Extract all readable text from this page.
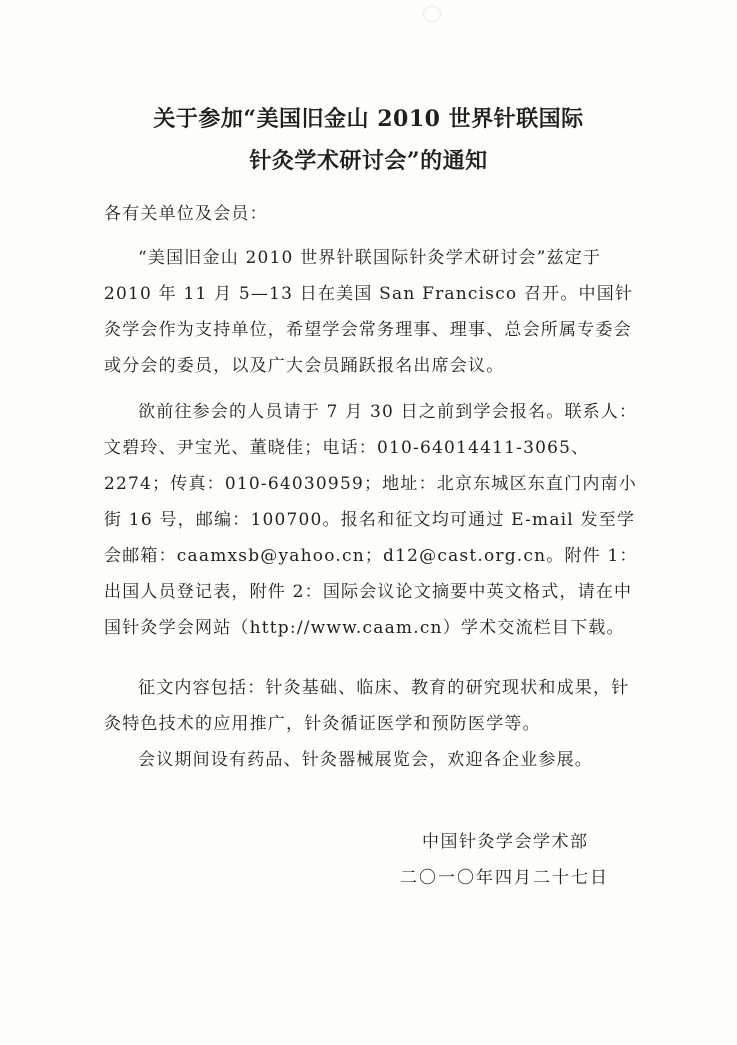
关于参加“美国旧金山 2010 世界针联国际
针灸学术研讨会”的通知
各有关单位及会员：

“美国旧金山 2010 世界针联国际针灸学术研讨会”兹定于 2010 年 11 月 5—13 日在美国 San Francisco 召开。中国针灸学会作为支持单位，希望学会常务理事、理事、总会所属专委会或分会的委员，以及广大会员踊跃报名出席会议。

欲前往参会的人员请于 7 月 30 日之前到学会报名。联系人：文碧玲、尹宝光、董晓佳；电话：010-64014411-3065、2274；传真：010-64030959；地址：北京东城区东直门内南小街 16 号，邮编：100700。报名和征文均可通过 E-mail 发至学会邮箱：caamxsb@yahoo.cn；d12@cast.org.cn。附件 1：出国人员登记表，附件 2：国际会议论文摘要中英文格式，请在中国针灸学会网站（http://www.caam.cn）学术交流栏目下载。

征文内容包括：针灸基础、临床、教育的研究现状和成果，针灸特色技术的应用推广，针灸循证医学和预防医学等。

会议期间设有药品、针灸器械展览会，欢迎各企业参展。

中国针灸学会学术部
二〇一〇年四月二十七日
